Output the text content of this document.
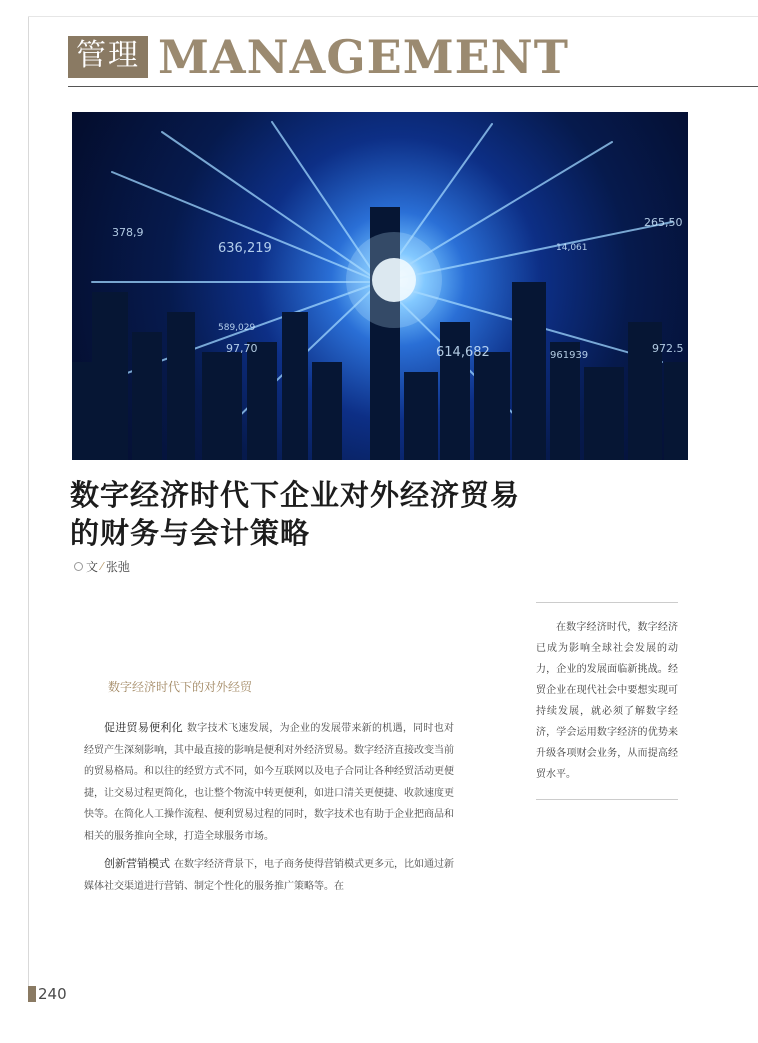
管理 MANAGEMENT
636,219
614,682
97,70
378,9
589,029
265,50
961939
972.5
14,061
数字经济时代下企业对外经济贸易
的财务与会计策略
文 ⁄ 张弛

在数字经济时代，数字经济已成为影响全球社会发展的动力，企业的发展面临新挑战。经贸企业在现代社会中要想实现可持续发展，就必须了解数字经济，学会运用数字经济的优势来升级各项财会业务，从而提高经贸水平。

数字经济时代下的对外经贸

促进贸易便利化 数字技术飞速发展，为企业的发展带来新的机遇，同时也对经贸产生深刻影响，其中最直接的影响是便利对外经济贸易。数字经济直接改变当前的贸易格局。和以往的经贸方式不同，如今互联网以及电子合同让各种经贸活动更便捷，让交易过程更简化，也让整个物流中转更便利，如进口清关更便捷、收款速度更快等。在简化人工操作流程、便利贸易过程的同时，数字技术也有助于企业把商品和相关的服务推向全球，打造全球服务市场。

创新营销模式 在数字经济背景下，电子商务使得营销模式更多元，比如通过新媒体社交渠道进行营销、制定个性化的服务推广策略等。在

240
